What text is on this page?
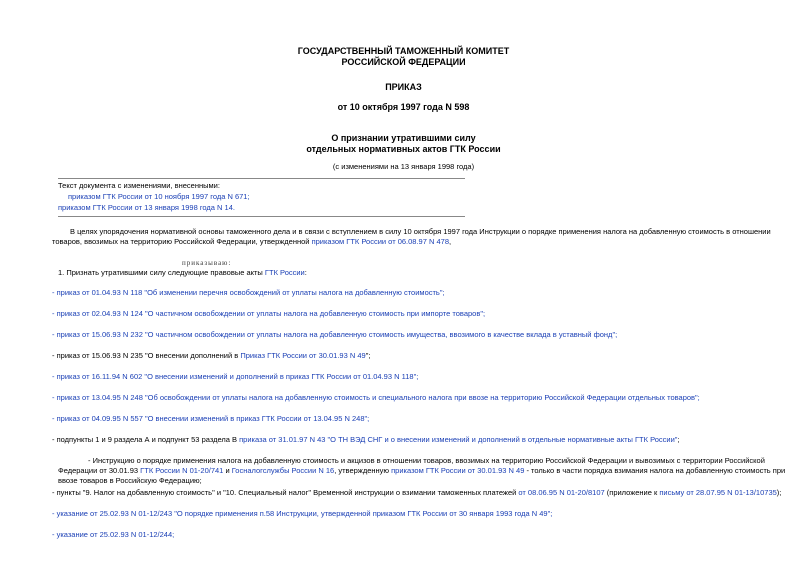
ГОСУДАРСТВЕННЫЙ ТАМОЖЕННЫЙ КОМИТЕТ
РОССИЙСКОЙ ФЕДЕРАЦИИ
ПРИКАЗ
от 10 октября 1997 года N 598
О признании утратившими силу
отдельных нормативных актов ГТК России
(с изменениями на 13 января 1998 года)
Текст документа с изменениями, внесенными:
приказом ГТК России от 10 ноября 1997 года N 671;
приказом ГТК России от 13 января 1998 года N 14.
В целях упорядочения нормативной основы таможенного дела и в связи с вступлением в силу 10 октября 1997 года Инструкции о порядке применения налога на добавленную стоимость в отношении товаров, ввозимых на территорию Российской Федерации, утвержденной приказом ГТК России от 06.08.97 N 478,
приказываю:
1. Признать утратившими силу следующие правовые акты ГТК России:
- приказ от 01.04.93 N 118 "Об изменении перечня освобождений от уплаты налога на добавленную стоимость";
- приказ от 02.04.93 N 124 "О частичном освобождении от уплаты налога на добавленную стоимость при импорте товаров";
- приказ от 15.06.93 N 232 "О частичном освобождении от уплаты налога на добавленную стоимость имущества, ввозимого в качестве вклада в уставный фонд";
- приказ от 15.06.93 N 235 "О внесении дополнений в Приказ ГТК России от 30.01.93 N 49";
- приказ от 16.11.94 N 602 "О внесении изменений и дополнений в приказ ГТК России от 01.04.93 N 118";
- приказ от 13.04.95 N 248 "Об освобождении от уплаты налога на добавленную стоимость и специального налога при ввозе на территорию Российской Федерации отдельных товаров";
- приказ от 04.09.95 N 557 "О внесении изменений в приказ ГТК России от 13.04.95 N 248";
- подпункты 1 и 9 раздела А и подпункт 53 раздела В приказа от 31.01.97 N 43 "О ТН ВЭД СНГ и о внесении изменений и дополнений в отдельные нормативные акты ГТК России";
- Инструкцию о порядке применения налога на добавленную стоимость и акцизов в отношении товаров, ввозимых на территорию Российской Федерации и вывозимых с территории Российской Федерации от 30.01.93 ГТК России N 01-20/741 и Госналогслужбы России N 16, утвержденную приказом ГТК России от 30.01.93 N 49 - только в части порядка взимания налога на добавленную стоимость при ввозе товаров в Российскую Федерацию;
- пункты "9. Налог на добавленную стоимость" и "10. Специальный налог" Временной инструкции о взимании таможенных платежей от 08.06.95 N 01-20/8107 (приложение к письму от 28.07.95 N 01-13/10735);
- указание от 25.02.93 N 01-12/243 "О порядке применения п.58 Инструкции, утвержденной приказом ГТК России от 30 января 1993 года N 49";
- указание от 25.02.93 N 01-12/244;
